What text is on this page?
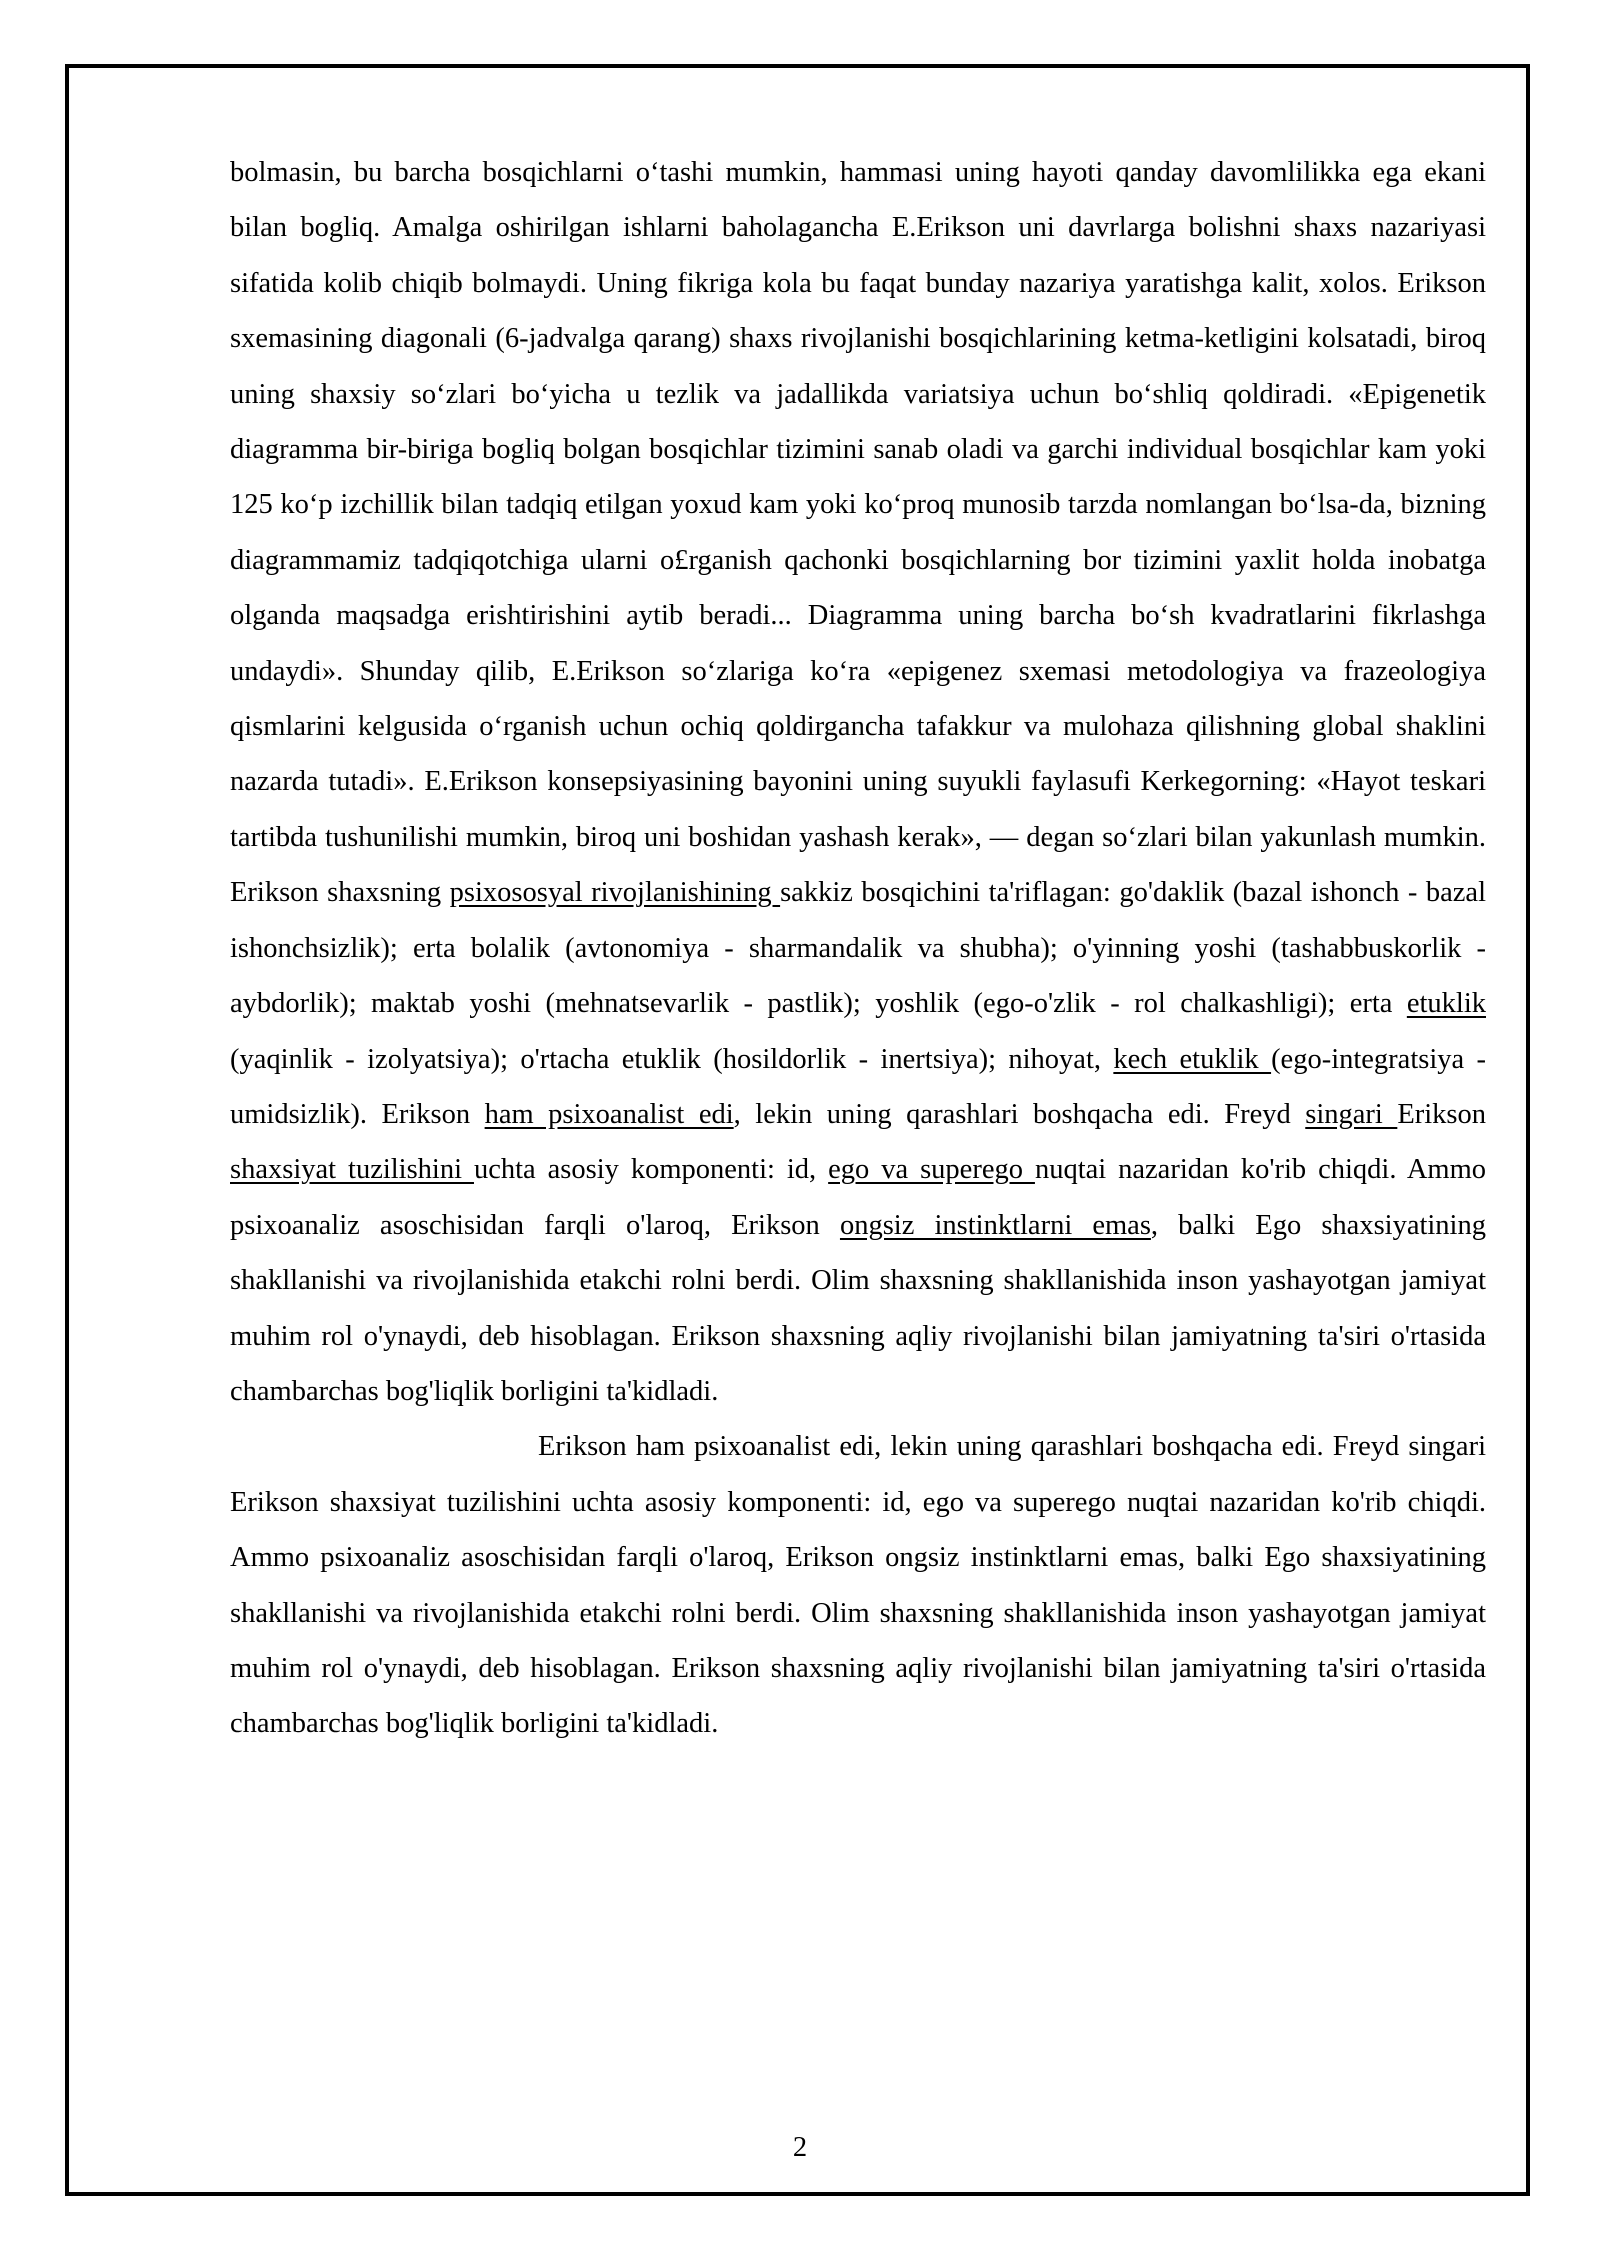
bolmasin, bu barcha bosqichlarni o‘tashi mumkin, hammasi uning hayoti qanday davomlilikka ega ekani bilan bogliq. Amalga oshirilgan ishlarni baholagancha E.Erikson uni davrlarga bolishni shaxs nazariyasi sifatida kolib chiqib bolmaydi. Uning fikriga kola bu faqat bunday nazariya yaratishga kalit, xolos. Erikson sxemasining diagonali (6-jadvalga qarang) shaxs rivojlanishi bosqichlarining ketma-ketligini kolsatadi, biroq uning shaxsiy so‘zlari bo‘yicha u tezlik va jadallikda variatsiya uchun bo‘shliq qoldiradi. «Epigenetik diagramma bir-biriga bogliq bolgan bosqichlar tizimini sanab oladi va garchi individual bosqichlar kam yoki 125 ko‘p izchillik bilan tadqiq etilgan yoxud kam yoki ko‘proq munosib tarzda nomlangan bo‘lsa-da, bizning diagrammamiz tadqiqotchiga ularni o£rganish qachonki bosqichlarning bor tizimini yaxlit holda inobatga olganda maqsadga erishtirishini aytib beradi... Diagramma uning barcha bo‘sh kvadratlarini fikrlashga undaydi». Shunday qilib, E.Erikson so‘zlariga ko‘ra «epigenez sxemasi metodologiya va frazeologiya qismlarini kelgusida o‘rganish uchun ochiq qoldirgancha tafakkur va mulohaza qilishning global shaklini nazarda tutadi». E.Erikson konsepsiyasining bayonini uning suyukli faylasufi Kerkegorning: «Hayot teskari tartibda tushunilishi mumkin, biroq uni boshidan yashash kerak», — degan so‘zlari bilan yakunlash mumkin. Erikson shaxsning psixososyal rivojlanishining sakkiz bosqichini ta'riflagan: go'daklik (bazal ishonch - bazal ishonchsizlik); erta bolalik (avtonomiya - sharmandalik va shubha); o'yinning yoshi (tashabbuskorlik - aybdorlik); maktab yoshi (mehnatsevarlik - pastlik); yoshlik (ego-o'zlik - rol chalkashligi); erta etuklik (yaqinlik - izolyatsiya); o'rtacha etuklik (hosildorlik - inertsiya); nihoyat, kech etuklik (ego-integratsiya - umidsizlik). Erikson ham psixoanalist edi, lekin uning qarashlari boshqacha edi. Freyd singari Erikson shaxsiyat tuzilishini uchta asosiy komponenti: id, ego va superego nuqtai nazaridan ko'rib chiqdi. Ammo psixoanaliz asoschisidan farqli o'laroq, Erikson ongsiz instinktlarni emas, balki Ego shaxsiyatining shakllanishi va rivojlanishida etakchi rolni berdi. Olim shaxsning shakllanishida inson yashayotgan jamiyat muhim rol o'ynaydi, deb hisoblagan. Erikson shaxsning aqliy rivojlanishi bilan jamiyatning ta'siri o'rtasida chambarchas bog'liqlik borligini ta'kidladi.

Erikson ham psixoanalist edi, lekin uning qarashlari boshqacha edi. Freyd singari Erikson shaxsiyat tuzilishini uchta asosiy komponenti: id, ego va superego nuqtai nazaridan ko'rib chiqdi. Ammo psixoanaliz asoschisidan farqli o'laroq, Erikson ongsiz instinktlarni emas, balki Ego shaxsiyatining shakllanishi va rivojlanishida etakchi rolni berdi. Olim shaxsning shakllanishida inson yashayotgan jamiyat muhim rol o'ynaydi, deb hisoblagan. Erikson shaxsning aqliy rivojlanishi bilan jamiyatning ta'siri o'rtasida chambarchas bog'liqlik borligini ta'kidladi.

2
